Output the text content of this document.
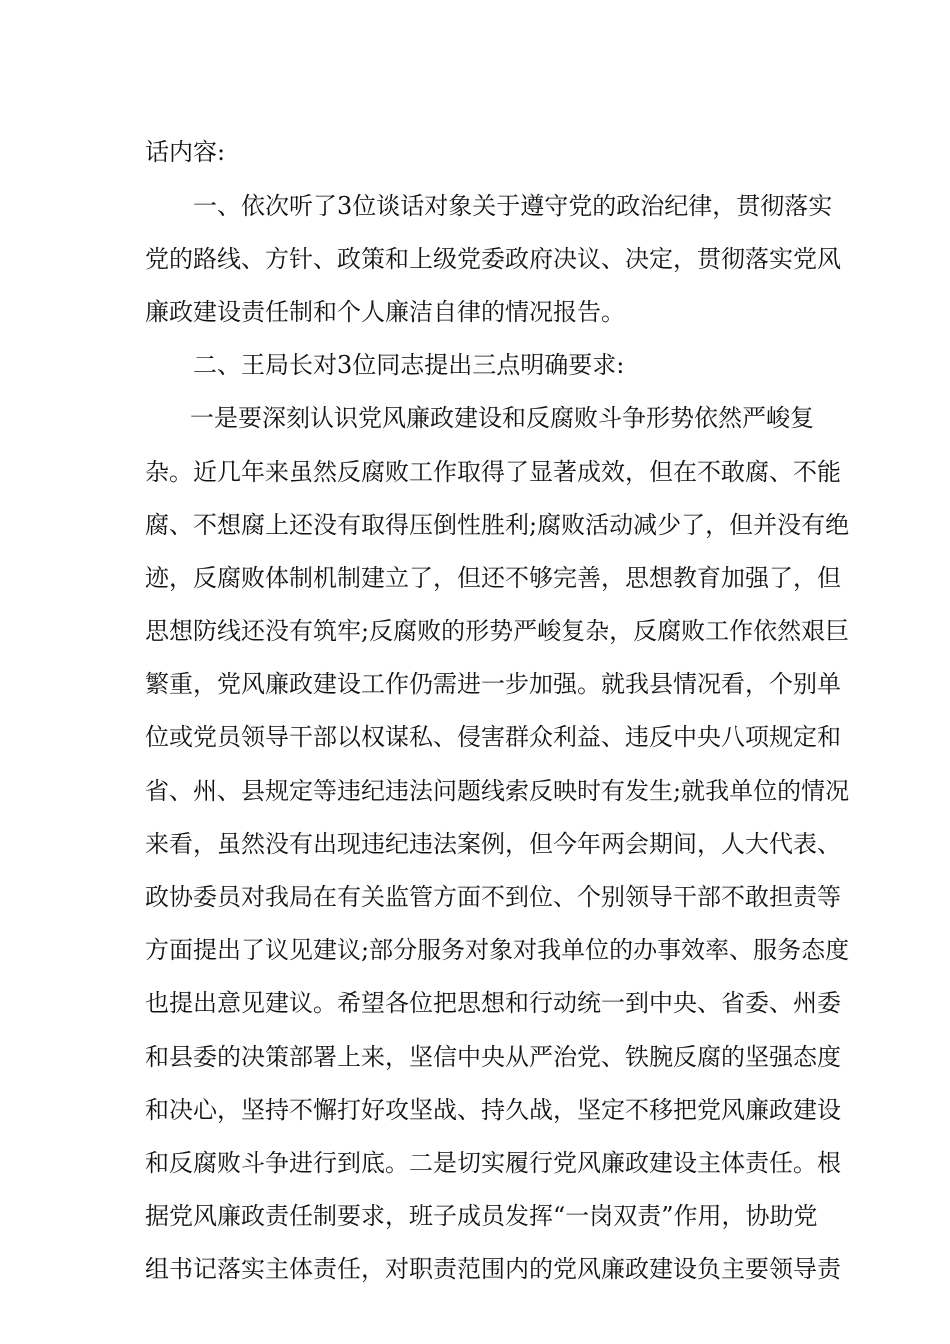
话内容:
一、依次听了3位谈话对象关于遵守党的政治纪律，贯彻落实
党的路线、方针、政策和上级党委政府决议、决定，贯彻落实党风
廉政建设责任制和个人廉洁自律的情况报告。
二、王局长对3位同志提出三点明确要求:
一是要深刻认识党风廉政建设和反腐败斗争形势依然严峻复
杂。近几年来虽然反腐败工作取得了显著成效，但在不敢腐、不能
腐、不想腐上还没有取得压倒性胜利;腐败活动减少了，但并没有绝
迹，反腐败体制机制建立了，但还不够完善，思想教育加强了，但
思想防线还没有筑牢;反腐败的形势严峻复杂，反腐败工作依然艰巨
繁重，党风廉政建设工作仍需进一步加强。就我县情况看，个别单
位或党员领导干部以权谋私、侵害群众利益、违反中央八项规定和
省、州、县规定等违纪违法问题线索反映时有发生;就我单位的情况
来看，虽然没有出现违纪违法案例，但今年两会期间，人大代表、
政协委员对我局在有关监管方面不到位、个别领导干部不敢担责等
方面提出了议见建议;部分服务对象对我单位的办事效率、服务态度
也提出意见建议。希望各位把思想和行动统一到中央、省委、州委
和县委的决策部署上来，坚信中央从严治党、铁腕反腐的坚强态度
和决心，坚持不懈打好攻坚战、持久战，坚定不移把党风廉政建设
和反腐败斗争进行到底。二是切实履行党风廉政建设主体责任。根
据党风廉政责任制要求，班子成员发挥“一岗双责”作用，协助党
组书记落实主体责任，对职责范围内的党风廉政建设负主要领导责
